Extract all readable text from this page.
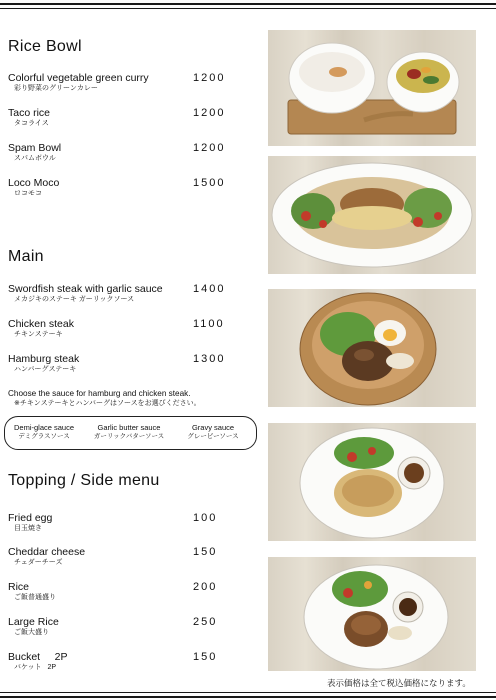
Rice Bowl
Colorful vegetable green curry
彩り野菜のグリーンカレー
1200
Taco rice
タコライス
1200
Spam Bowl
スパムボウル
1200
Loco Moco
ロコモコ
1500
Main
Swordfish steak with garlic sauce
メカジキのステーキ ガーリックソース
1400
Chicken steak
チキンステーキ
1100
Hamburg steak
ハンバーグステーキ
1300
Choose the sauce for hamburg and chicken steak.
※チキンステーキとハンバーグはソースをお選びください。
Demi-glace sauce
デミグラスソース
Garlic butter sauce
ガーリックバターソース
Gravy sauce
グレービーソース
Topping / Side menu
Fried egg
目玉焼き
100
Cheddar cheese
チェダーチーズ
150
Rice
ご飯普通盛り
200
Large Rice
ご飯大盛り
250
Bucket     2P
バケット   2P
150
表示価格は全て税込価格になります。
